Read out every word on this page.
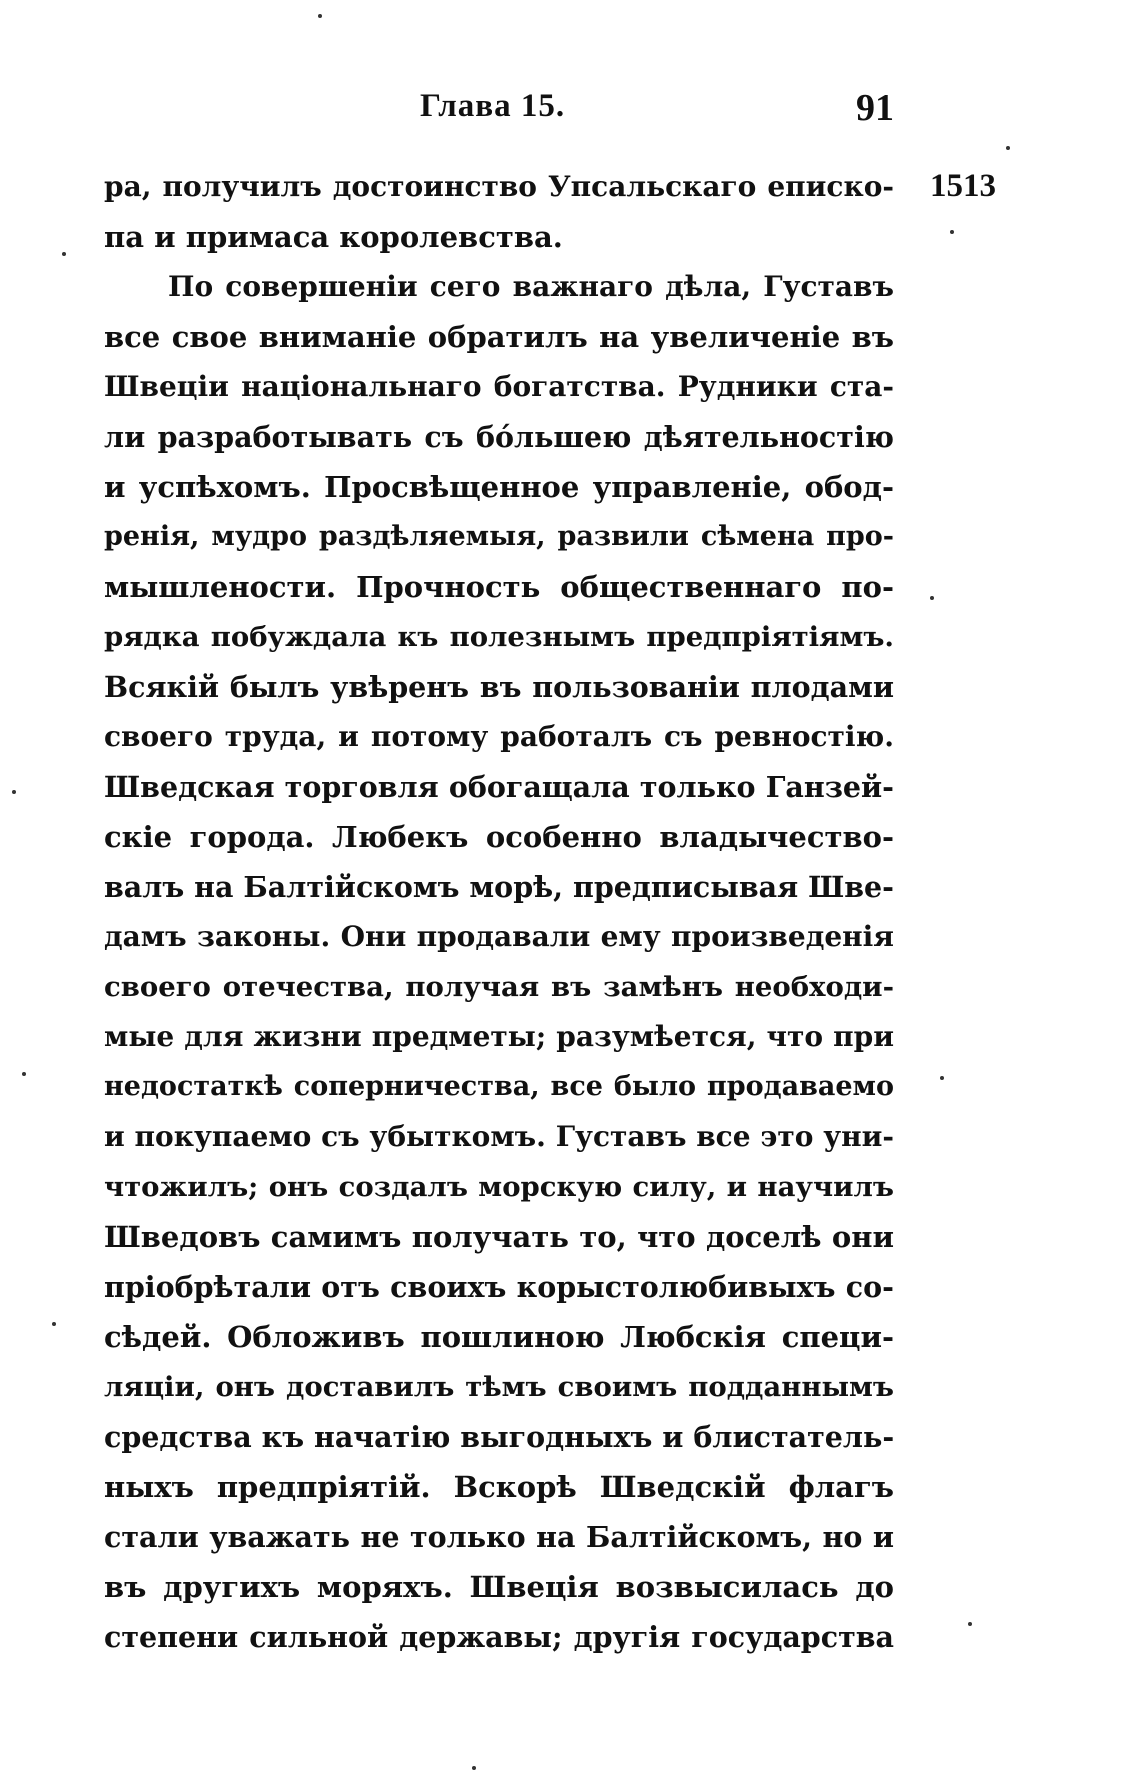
Глава 15.	91
1513
ра, получилъ достоинство Упсальскаго еписко-
па и примаса королевства.
По совершеніи сего важнаго дѣла, Густавъ
все свое вниманіе обратилъ на увеличеніе въ
Швеціи національнаго богатства. Рудники ста-
ли разработывать съ бо́льшею дѣятельностію
и успѣхомъ. Просвѣщенное управленіе, обод-
ренія, мудро раздѣляемыя, развили сѣмена про-
мышлености. Прочность общественнаго по-
рядка побуждала къ полезнымъ предпріятіямъ.
Всякій былъ увѣренъ въ пользованіи плодами
своего труда, и потому работалъ съ ревностію.
Шведская торговля обогащала только Ганзей-
скіе города. Любекъ особенно владычество-
валъ на Балтійскомъ морѣ, предписывая Шве-
дамъ законы. Они продавали ему произведенія
своего отечества, получая въ замѣнъ необходи-
мые для жизни предметы; разумѣется, что при
недостаткѣ соперничества, все было продаваемо
и покупаемо съ убыткомъ. Густавъ все это уни-
чтожилъ; онъ создалъ морскую силу, и научилъ
Шведовъ самимъ получать то, что доселѣ они
пріобрѣтали отъ своихъ корыстолюбивыхъ со-
сѣдей. Обложивъ пошлиною Любскія специ-
ляціи, онъ доставилъ тѣмъ своимъ подданнымъ
средства къ начатію выгодныхъ и блистатель-
ныхъ предпріятій. Вскорѣ Шведскій флагъ
стали уважать не только на Балтійскомъ, но и
въ другихъ моряхъ. Швеція возвысилась до
степени сильной державы; другія государства
